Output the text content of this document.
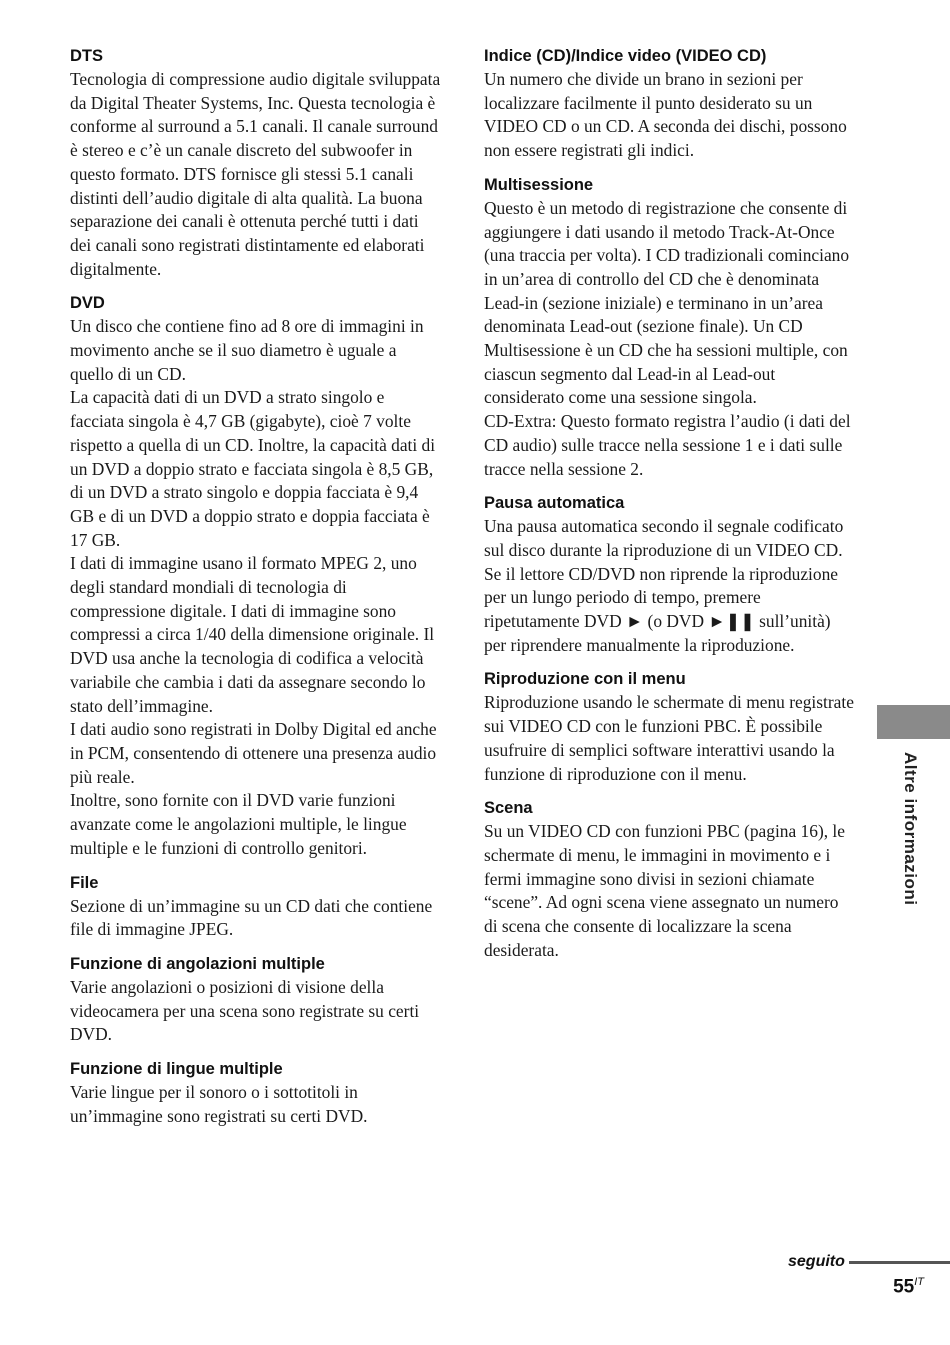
DTS

Tecnologia di compressione audio digitale sviluppata da Digital Theater Systems, Inc. Questa tecnologia è conforme al surround a 5.1 canali. Il canale surround è stereo e c’è un canale discreto del subwoofer in questo formato. DTS fornisce gli stessi 5.1 canali distinti dell’audio digitale di alta qualità. La buona separazione dei canali è ottenuta perché tutti i dati dei canali sono registrati distintamente ed elaborati digitalmente.

DVD

Un disco che contiene fino ad 8 ore di immagini in movimento anche se il suo diametro è uguale a quello di un CD.

La capacità dati di un DVD a strato singolo e facciata singola è 4,7 GB (gigabyte), cioè 7 volte rispetto a quella di un CD. Inoltre, la capacità dati di un DVD a doppio strato e facciata singola è 8,5 GB, di un DVD a strato singolo e doppia facciata è 9,4 GB e di un DVD a doppio strato e doppia facciata è 17 GB.

I dati di immagine usano il formato MPEG 2, uno degli standard mondiali di tecnologia di compressione digitale. I dati di immagine sono compressi a circa 1/40 della dimensione originale. Il DVD usa anche la tecnologia di codifica a velocità variabile che cambia i dati da assegnare secondo lo stato dell’immagine.

I dati audio sono registrati in Dolby Digital ed anche in PCM, consentendo di ottenere una presenza audio più reale.

Inoltre, sono fornite con il DVD varie funzioni avanzate come le angolazioni multiple, le lingue multiple e le funzioni di controllo genitori.

File

Sezione di un’immagine su un CD dati che contiene file di immagine JPEG.

Funzione di angolazioni multiple

Varie angolazioni o posizioni di visione della videocamera per una scena sono registrate su certi DVD.

Funzione di lingue multiple

Varie lingue per il sonoro o i sottotitoli in un’immagine sono registrati su certi DVD.

Indice (CD)/Indice video (VIDEO CD)

Un numero che divide un brano in sezioni per localizzare facilmente il punto desiderato su un VIDEO CD o un CD. A seconda dei dischi, possono non essere registrati gli indici.

Multisessione

Questo è un metodo di registrazione che consente di aggiungere i dati usando il metodo Track-At-Once (una traccia per volta). I CD tradizionali cominciano in un’area di controllo del CD che è denominata Lead-in (sezione iniziale) e terminano in un’area denominata Lead-out (sezione finale). Un CD Multisessione è un CD che ha sessioni multiple, con ciascun segmento dal Lead-in al Lead-out considerato come una sessione singola.

CD-Extra: Questo formato registra l’audio (i dati del CD audio) sulle tracce nella sessione 1 e i dati sulle tracce nella sessione 2.

Pausa automatica

Una pausa automatica secondo il segnale codificato sul disco durante la riproduzione di un VIDEO CD. Se il lettore CD/DVD non riprende la riproduzione per un lungo periodo di tempo, premere ripetutamente DVD ► (o DVD ►❚❚ sull’unità) per riprendere manualmente la riproduzione.

Riproduzione con il menu

Riproduzione usando le schermate di menu registrate sui VIDEO CD con le funzioni PBC. È possibile usufruire di semplici software interattivi usando la funzione di riproduzione con il menu.

Scena

Su un VIDEO CD con funzioni PBC (pagina 16), le schermate di menu, le immagini in movimento e i fermi immagine sono divisi in sezioni chiamate “scene”. Ad ogni scena viene assegnato un numero di scena che consente di localizzare la scena desiderata.

Altre informazioni
seguito
$55^{IT}$
